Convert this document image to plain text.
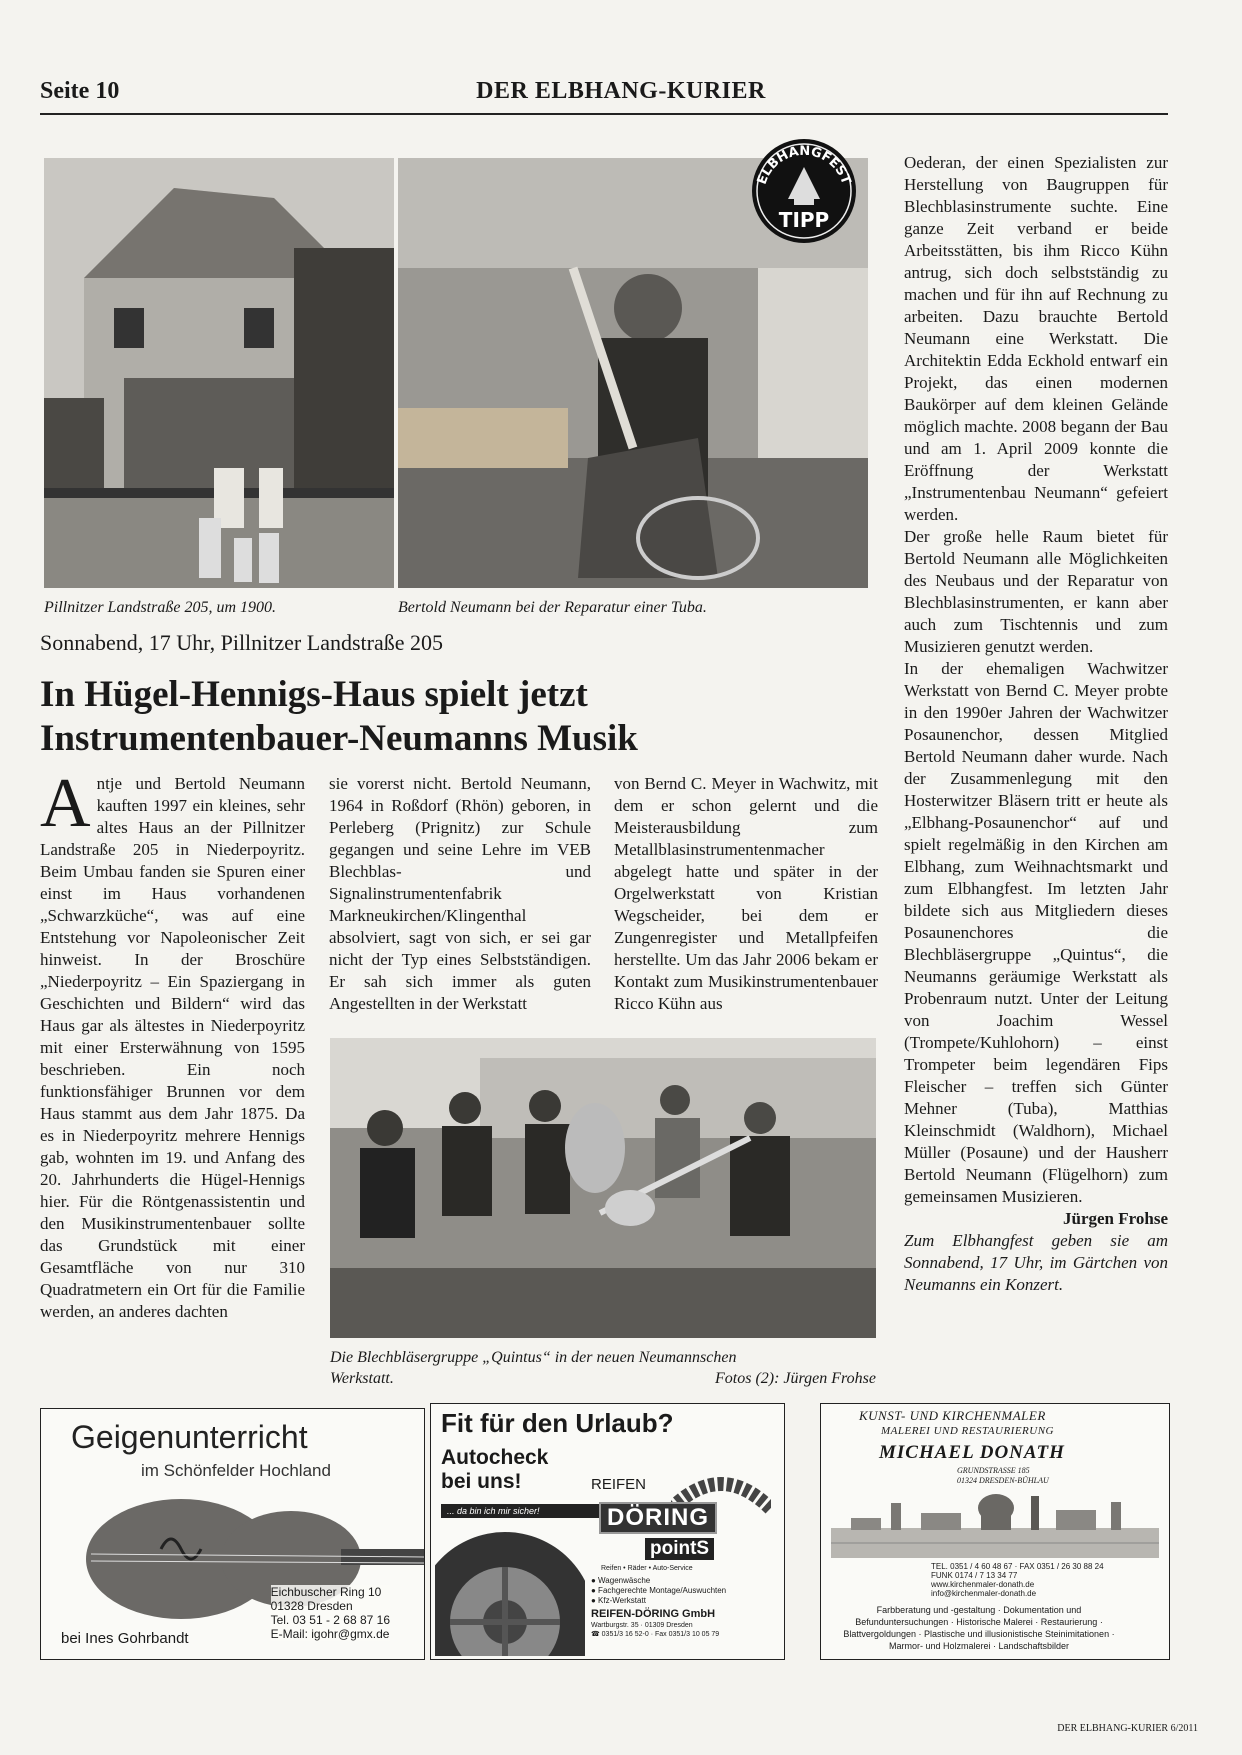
Seite 10	DER ELBHANG-KURIER
Pillnitzer Landstraße 205, um 1900.	Bertold Neumann bei der Reparatur einer Tuba.
ELBHANGFEST
TIPP
Sonnabend, 17 Uhr, Pillnitzer Landstraße 205
In Hügel-Hennigs-Haus spielt jetzt
Instrumentenbauer-Neumanns Musik
A ntje und Bertold Neumann kauften 1997 ein kleines, sehr altes Haus an der Pillnitzer Landstraße 205 in Niederpoyritz. Beim Umbau fanden sie Spuren einer einst im Haus vorhandenen „Schwarzküche“, was auf eine Entstehung vor Napoleonischer Zeit hinweist. In der Broschüre „Niederpoyritz – Ein Spaziergang in Geschichten und Bildern“ wird das Haus gar als ältestes in Niederpoyritz mit einer Ersterwähnung von 1595 beschrieben. Ein noch funktionsfähiger Brunnen vor dem Haus stammt aus dem Jahr 1875. Da es in Niederpoyritz mehrere Hennigs gab, wohnten im 19. und Anfang des 20. Jahrhunderts die Hügel-Hennigs hier. Für die Röntgenassistentin und den Musikinstrumentenbauer sollte das Grundstück mit einer Gesamtfläche von nur 310 Quadratmetern ein Ort für die Familie werden, an anderes dachten
sie vorerst nicht. Bertold Neumann, 1964 in Roßdorf (Rhön) geboren, in Perleberg (Prignitz) zur Schule gegangen und seine Lehre im VEB Blechblas- und Signalinstrumentenfabrik Markneukirchen/Klingenthal absolviert, sagt von sich, er sei gar nicht der Typ eines Selbstständigen. Er sah sich immer als guten Angestellten in der Werkstatt
von Bernd C. Meyer in Wachwitz, mit dem er schon gelernt und die Meisterausbildung zum Metallblasinstrumentenmacher abgelegt hatte und später in der Orgelwerkstatt von Kristian Wegscheider, bei dem er Zungenregister und Metallpfeifen herstellte. Um das Jahr 2006 bekam er Kontakt zum Musikinstrumentenbauer Ricco Kühn aus
Die Blechbläsergruppe „Quintus“ in der neuen Neumannschen
Werkstatt.	Fotos (2): Jürgen Frohse

Oederan, der einen Spezialisten zur Herstellung von Baugruppen für Blechblasinstrumente suchte. Eine ganze Zeit verband er beide Arbeitsstätten, bis ihm Ricco Kühn antrug, sich doch selbstständig zu machen und für ihn auf Rechnung zu arbeiten. Dazu brauchte Bertold Neumann eine Werkstatt. Die Architektin Edda Eckhold entwarf ein Projekt, das einen modernen Baukörper auf dem kleinen Gelände möglich machte. 2008 begann der Bau und am 1. April 2009 konnte die Eröffnung der Werkstatt „Instrumentenbau Neumann“ gefeiert werden.

Der große helle Raum bietet für Bertold Neumann alle Möglichkeiten des Neubaus und der Reparatur von Blechblasinstrumenten, er kann aber auch zum Tischtennis und zum Musizieren genutzt werden.

In der ehemaligen Wachwitzer Werkstatt von Bernd C. Meyer probte in den 1990er Jahren der Wachwitzer Posaunenchor, dessen Mitglied Bertold Neumann daher wurde. Nach der Zusammenlegung mit den Hosterwitzer Bläsern tritt er heute als „Elbhang-Posaunenchor“ auf und spielt regelmäßig in den Kirchen am Elbhang, zum Weihnachtsmarkt und zum Elbhangfest. Im letzten Jahr bildete sich aus Mitgliedern dieses Posaunenchores die Blechbläsergruppe „Quintus“, die Neumanns geräumige Werkstatt als Probenraum nutzt. Unter der Leitung von Joachim Wessel (Trompete/Kuhlohorn) – einst Trompeter beim legendären Fips Fleischer – treffen sich Günter Mehner (Tuba), Matthias Kleinschmidt (Waldhorn), Michael Müller (Posaune) und der Hausherr Bertold Neumann (Flügelhorn) zum gemeinsamen Musizieren.
Jürgen Frohse

Zum Elbhangfest geben sie am Sonnabend, 17 Uhr, im Gärtchen von Neumanns ein Konzert.

Geigenunterricht
im Schönfelder Hochland
Eichbuscher Ring 10
01328 Dresden
Tel. 03 51 - 2 68 87 16
E-Mail: igohr@gmx.de
bei Ines Gohrbandt
Fit für den Urlaub?
Autocheck
bei uns!
... da bin ich mir sicher!
REIFEN
DÖRING
pointS
Reifen • Räder • Auto-Service
● Wagenwäsche
● Fachgerechte Montage/Auswuchten
● Kfz-Werkstatt
REIFEN-DÖRING GmbH
Wartburgstr. 35 · 01309 Dresden
☎ 0351/3 16 52-0 · Fax 0351/3 10 05 79
KUNST- UND KIRCHENMALER
MALEREI UND RESTAURIERUNG
MICHAEL DONATH
GRUNDSTRASSE 185
01324 DRESDEN-BÜHLAU
TEL. 0351 / 4 60 48 67 · FAX 0351 / 26 30 88 24
FUNK 0174 / 7 13 34 77
www.kirchenmaler-donath.de
info@kirchenmaler-donath.de
Farbberatung und -gestaltung · Dokumentation und Befunduntersuchungen · Historische Malerei · Restaurierung · Blattvergoldungen · Plastische und illusionistische Steinimitationen · Marmor- und Holzmalerei · Landschaftsbilder
DER ELBHANG-KURIER 6/2011
